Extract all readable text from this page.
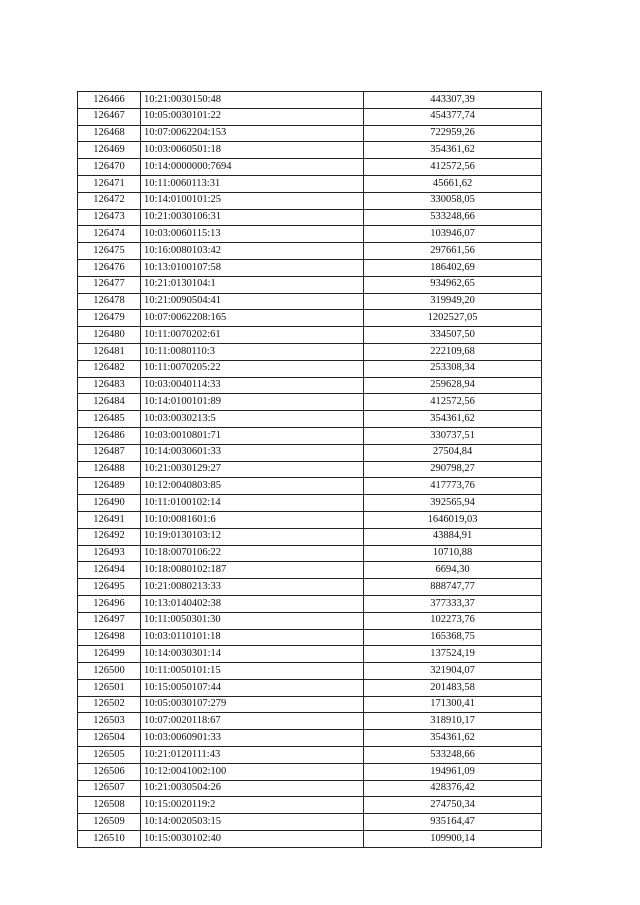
126466	10:21:0030150:48	443307,39
126467	10:05:0030101:22	454377,74
126468	10:07:0062204:153	722959,26
126469	10:03:0060501:18	354361,62
126470	10:14:0000000:7694	412572,56
126471	10:11:0060113:31	45661,62
126472	10:14:0100101:25	330058,05
126473	10:21:0030106:31	533248,66
126474	10:03:0060115:13	103946,07
126475	10:16:0080103:42	297661,56
126476	10:13:0100107:58	186402,69
126477	10:21:0130104:1	934962,65
126478	10:21:0090504:41	319949,20
126479	10:07:0062208:165	1202527,05
126480	10:11:0070202:61	334507,50
126481	10:11:0080110:3	222109,68
126482	10:11:0070205:22	253308,34
126483	10:03:0040114:33	259628,94
126484	10:14:0100101:89	412572,56
126485	10:03:0030213:5	354361,62
126486	10:03:0010801:71	330737,51
126487	10:14:0030601:33	27504,84
126488	10:21:0030129:27	290798,27
126489	10:12:0040803:85	417773,76
126490	10:11:0100102:14	392565,94
126491	10:10:0081601:6	1646019,03
126492	10:19:0130103:12	43884,91
126493	10:18:0070106:22	10710,88
126494	10:18:0080102:187	6694,30
126495	10:21:0080213:33	888747,77
126496	10:13:0140402:38	377333,37
126497	10:11:0050301:30	102273,76
126498	10:03:0110101:18	165368,75
126499	10:14:0030301:14	137524,19
126500	10:11:0050101:15	321904,07
126501	10:15:0050107:44	201483,58
126502	10:05:0030107:279	171300,41
126503	10:07:0020118:67	318910,17
126504	10:03:0060901:33	354361,62
126505	10:21:0120111:43	533248,66
126506	10:12:0041002:100	194961,09
126507	10:21:0030504:26	428376,42
126508	10:15:0020119:2	274750,34
126509	10:14:0020503:15	935164,47
126510	10:15:0030102:40	109900,14
